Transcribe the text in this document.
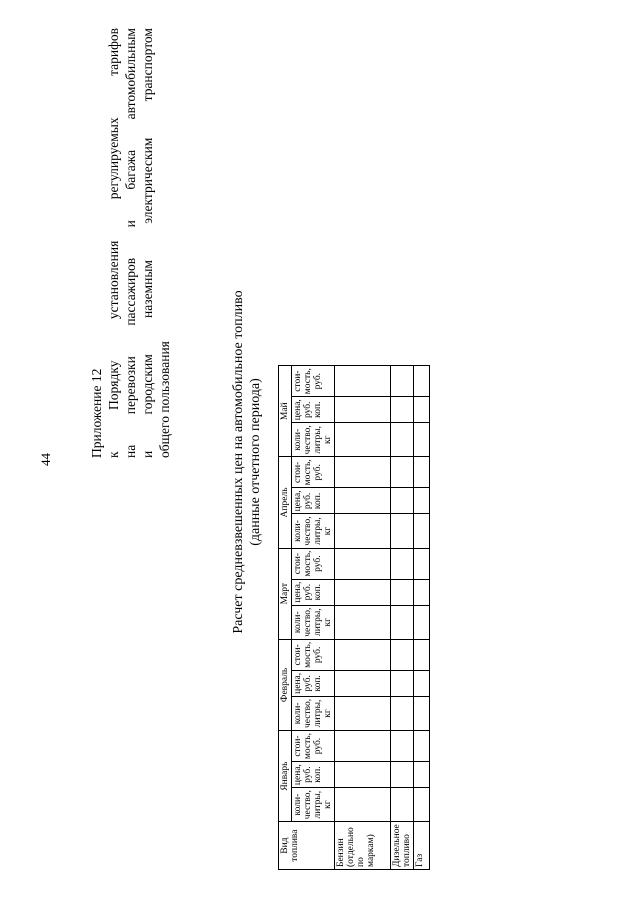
44
Приложение 12 к
Порядку
установления
регулируемых
тарифов
на
перевозки
пассажиров
и
багажа
автомобильным
и
городским
наземным
электрическим
транспортом
общего пользования	Расчет средневзвешенных цен на автомобильное топливо (данные отчетного периода)
Вид топлива	Январь			Февраль			Март			Апрель			Май		
	коли-чество, литры, кг	цена, руб. коп.	стои-мость, руб.	коли-чество, литры, кг	цена, руб. коп.	стои-мость, руб.	коли-чество, литры, кг	цена, руб. коп.	стои-мость, руб.	коли-чество, литры, кг	цена, руб. коп.	стои-мость, руб.	коли-чество, литры, кг	цена, руб. коп.	стои-мость, руб.
Бензин (отдельно по маркам)															
Дизельное топливо															
Газ															
